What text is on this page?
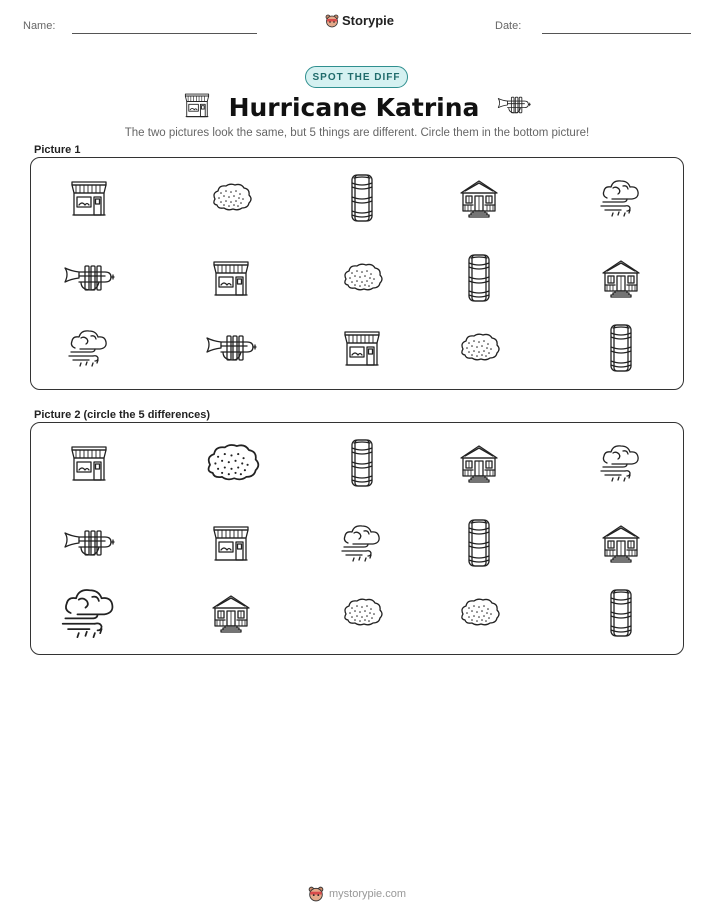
Name:	Storypie	Date:
SPOT THE DIFF
Hurricane Katrina
The two pictures look the same, but 5 things are different. Circle them in the bottom picture!
Picture 1
Picture 2 (circle the 5 differences)
mystorypie.com
